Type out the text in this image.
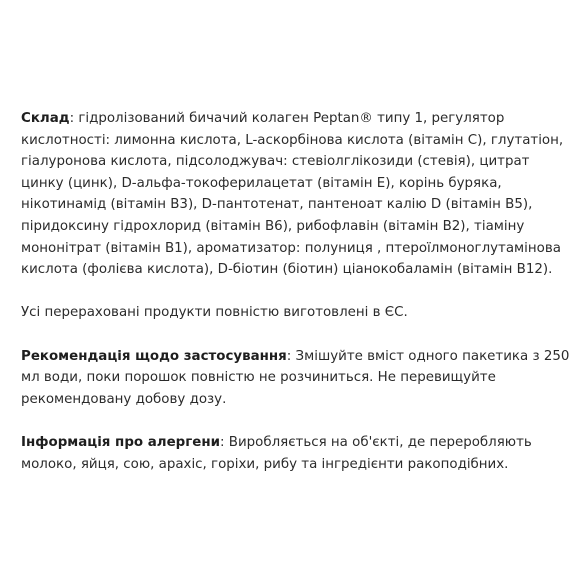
Склад: гідролізований бичачий колаген Peptan® типу 1, регулятор
кислотності: лимонна кислота, L-аскорбінова кислота (вітамін C), глутатіон,
гіалуронова кислота, підсолоджувач: стевіолглікозиди (стевія), цитрат
цинку (цинк), D-альфа-токоферилацетат (вітамін E), корінь буряка,
нікотинамід (вітамін B3), D-пантотенат, пантеноат калію D (вітамін B5),
піридоксину гідрохлорид (вітамін B6), рибофлавін (вітамін B2), тіаміну
мононітрат (вітамін B1), ароматизатор: полуниця , птероїлмоноглутамінова
кислота (фолієва кислота), D-біотин (біотин) ціанокобаламін (вітамін B12).

Усі перераховані продукти повністю виготовлені в ЄС.

Рекомендація щодо застосування: Змішуйте вміст одного пакетика з 250
мл води, поки порошок повністю не розчиниться. Не перевищуйте
рекомендовану добову дозу.

Інформація про алергени: Виробляється на об'єкті, де переробляють
молоко, яйця, сою, арахіс, горіхи, рибу та інгредієнти ракоподібних.
